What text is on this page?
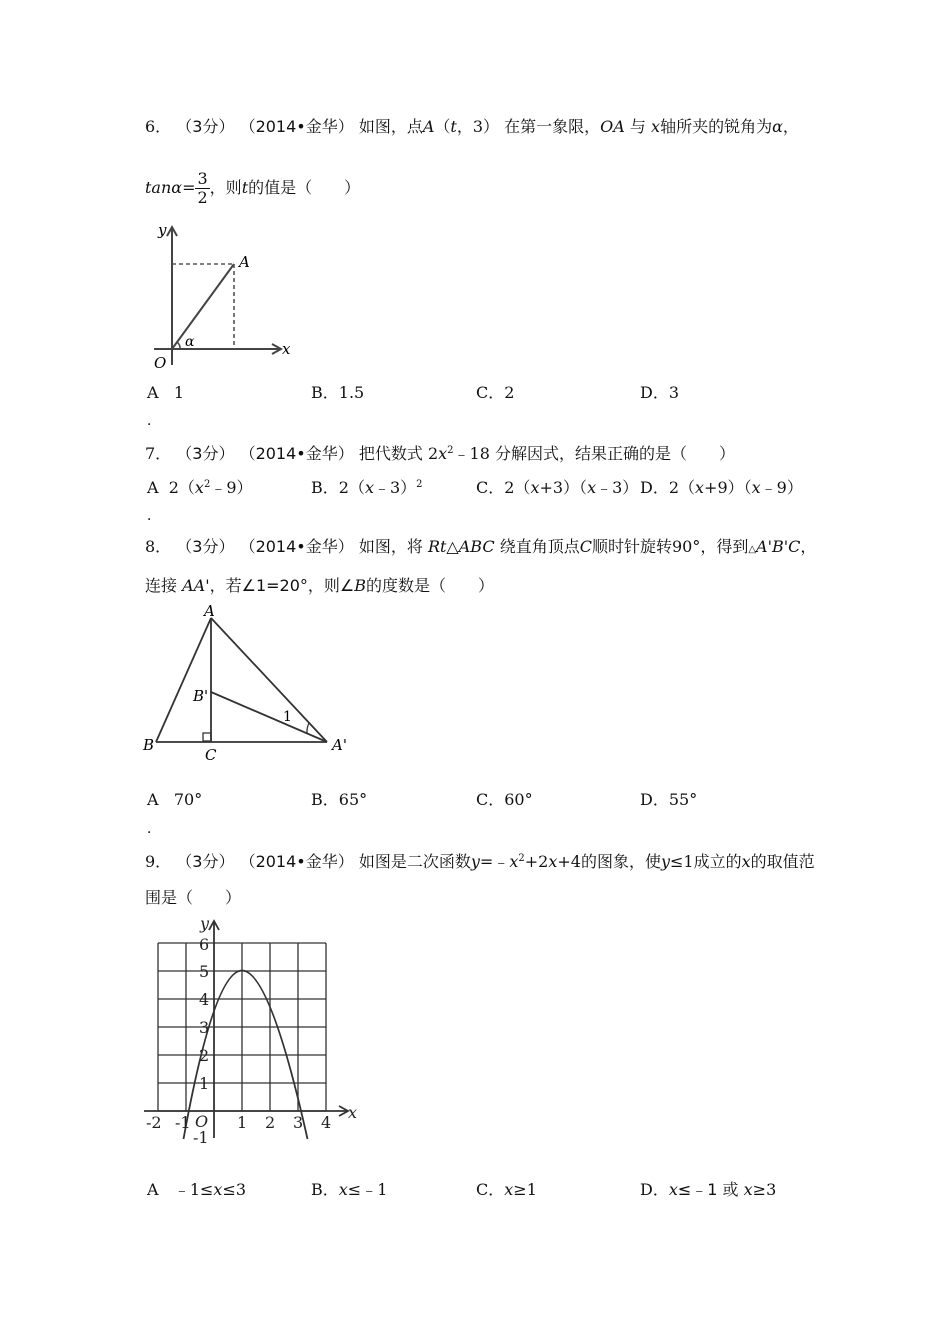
6． （3分） （2014•金华） 如图，点A（t，3） 在第一象限，OA 与 x轴所夹的锐角为α，
$\tan\alpha= \frac{3}{2}$ ，则t的值是（　　）
y
x
O
A
α
A 1	B．1.5	C．2	D．3
．
7． （3分） （2014•金华） 把代数式 $2x^2﹣18$ 分解因式，结果正确的是（　　）
A $2(x^2﹣9)$	B．2（x﹣3）$^2$	C．2（x+3）（x﹣3） D．2（x+9）（x﹣9）
．
8． （3分） （2014•金华） 如图，将 Rt△ABC 绕直角顶点C顺时针旋转90°，得到△A'B'C，
连接 AA'，若∠1=20°，则∠B的度数是（　　）
A
B
C
B'
A'
1
A 70°	B．65°	C．60°	D．55°
．
9． （3分） （2014•金华） 如图是二次函数$y=﹣x^2+2x+4$的图象，使y≤1成立的x的取值范
围是（　　）
y
x
O
6
5
4
3
2
1
-1
-2 -1	1 2 3 4
A ﹣1≤x≤3	B．x≤﹣1	C．x≥1	D．x≤﹣1 或 x≥3
